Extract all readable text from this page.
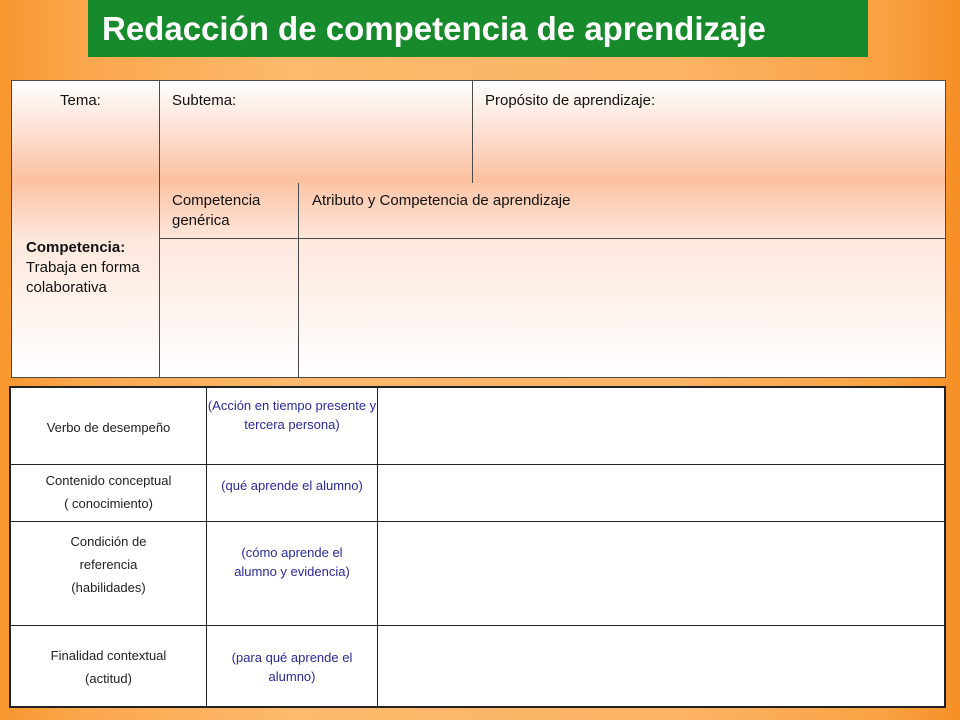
Redacción de competencia de aprendizaje
Tema:	Subtema:	Propósito de aprendizaje:
Competencia:
Trabaja en forma colaborativa
Competencia genérica
Atributo y Competencia de aprendizaje
Verbo de desempeño
(Acción en tiempo presente y tercera persona)
Contenido conceptual
( conocimiento)
(qué aprende el alumno)
Condición de referencia
(habilidades)
(cómo aprende el alumno y evidencia)
Finalidad contextual
(actitud)
(para qué aprende el alumno)
